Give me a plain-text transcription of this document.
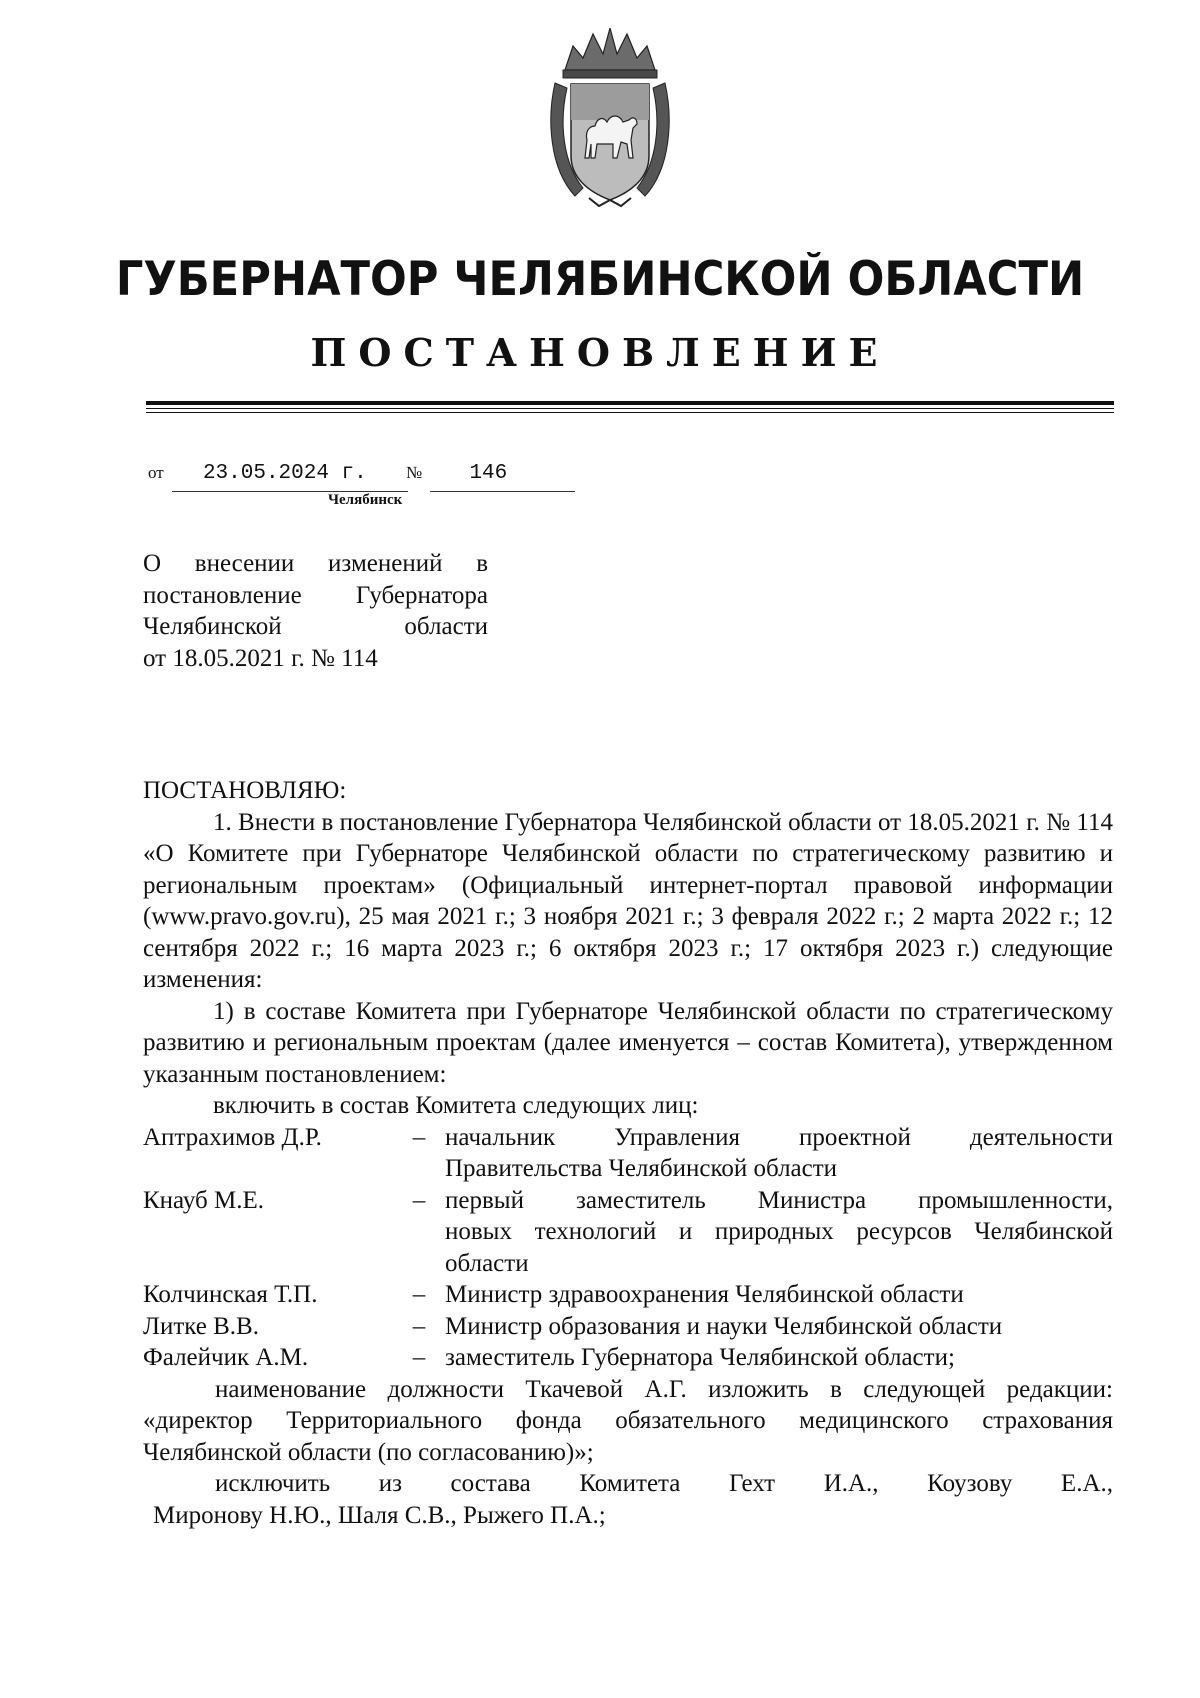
ГУБЕРНАТОР ЧЕЛЯБИНСКОЙ ОБЛАСТИ
ПОСТАНОВЛЕНИЕ
от 23.05.2024 г. № 146
Челябинск
О внесении изменений в
постановление Губернатора
Челябинской области
от 18.05.2021 г. № 114

ПОСТАНОВЛЯЮ:

1. Внести в постановление Губернатора Челябинской области от 18.05.2021 г. № 114 «О Комитете при Губернаторе Челябинской области по стратегическому развитию и региональным проектам» (Официальный интернет-портал правовой информации (www.pravo.gov.ru), 25 мая 2021 г.; 3 ноября 2021 г.; 3 февраля 2022 г.; 2 марта 2022 г.; 12 сентября 2022 г.; 16 марта 2023 г.; 6 октября 2023 г.; 17 октября 2023 г.) следующие изменения:

1) в составе Комитета при Губернаторе Челябинской области по стратегическому развитию и региональным проектам (далее именуется – состав Комитета), утвержденном указанным постановлением:

включить в состав Комитета следующих лиц:

Аптрахимов Д.Р.	–	начальник Управления проектной деятельности
Правительства Челябинской области

Кнауб М.Е.	–	первый заместитель Министра промышленности,
новых технологий и природных ресурсов Челябинской
области

Колчинская Т.П.	–	Министр здравоохранения Челябинской области

Литке В.В.	–	Министр образования и науки Челябинской области

Фалейчик А.М.	–	заместитель Губернатора Челябинской области;

наименование должности Ткачевой А.Г. изложить в следующей редакции: «директор Территориального фонда обязательного медицинского страхования Челябинской области (по согласованию)»;

исключить из состава Комитета Гехт И.А., Коузову Е.А.,

Миронову Н.Ю., Шаля С.В., Рыжего П.А.;
